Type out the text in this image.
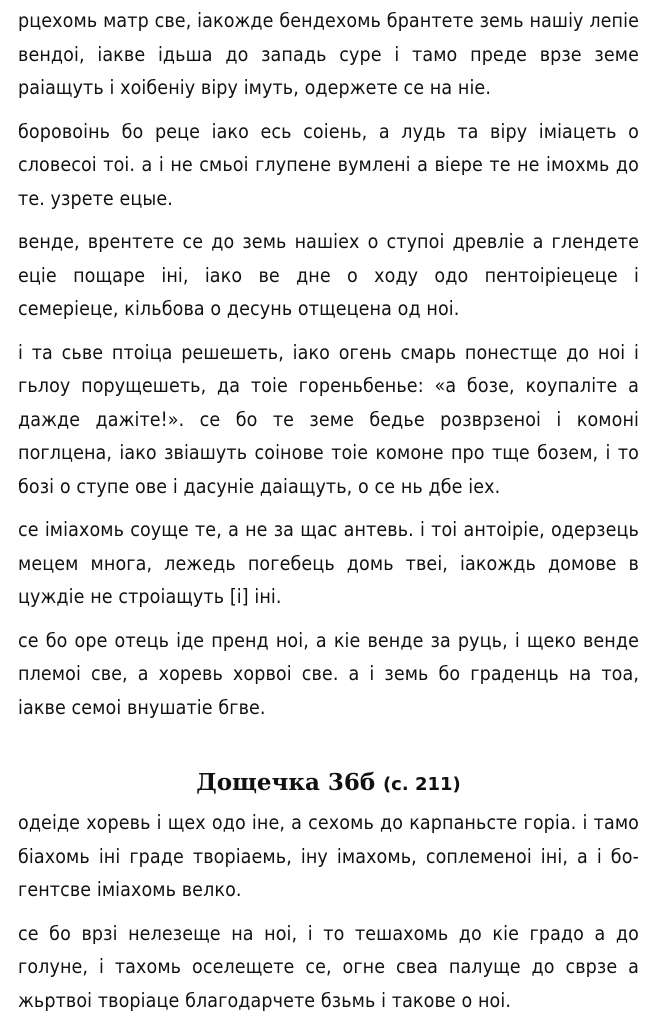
рцехомь матр све, iакожде бендехомь брантете земь нашiу лепiе вендоi, iакве iдьша до западь суре i тамо преде врзе земе раiащуть i хоiбенiу вiру iмуть, одержете се на нiе.

боровоiнь бо реце iако есь соiень, а лудь та вiру iмiацеть о словесоi тоi. а i не смьоi глупене вумлeнi а вiере те не iмохмь до те. узрете ецые.

венде, врентете се до земь нашiех о ступоi древлiе а глендете ецiе пощаре iнi, iако ве дне о ходу одо пентоiрiецеце i семерiеце, кiльбова о десунь отщецена од ноi.

i та сьве птоiца решешеть, iако огень смарь понестще до ноi i гьлоу порущешеть, да тоiе гореньбеньe: «а бозе, коупалiте а дажде дажiте!». се бо те земе бедье розврзеноi i комонi поглцена, iако звiашуть соiнове тоiе комоне про тще бозем, i то бозi о ступе ове i дасунiе даiащуть, о се нь дбе iех.

се iмiахомь соуще те, а не за щас антевь. i тоi антоiрiе, одерзець мецем многа, лежедь погебець домь твеi, iакождь домове в цуждiе не строiащуть [i] iнi.

се бо оре отець iде пренд ноi, а кiе венде за руць, i щеко венде племоi све, а хоревь хорвоi све. а i земь бо граденць на тоа, iакве семоi внушатiе бгве.

Дощечка 36б (с. 211)

одеiде хоревь i щех одо iне, а сехомь до карпаньсте горiа. i тамо бiахомь iнi граде творiаемь, iну iмахомь, соплеменоi iнi, а i бо-гентсве iмiахомь велко.

се бо врзi нелезеще на ноi, i то тешахомь до кiе градо а до голуне, i тахомь оселещете се, огне свеа палуще до сврзе а жьртвоi творiаце благодарчете бзьмь i такове о ноi.
